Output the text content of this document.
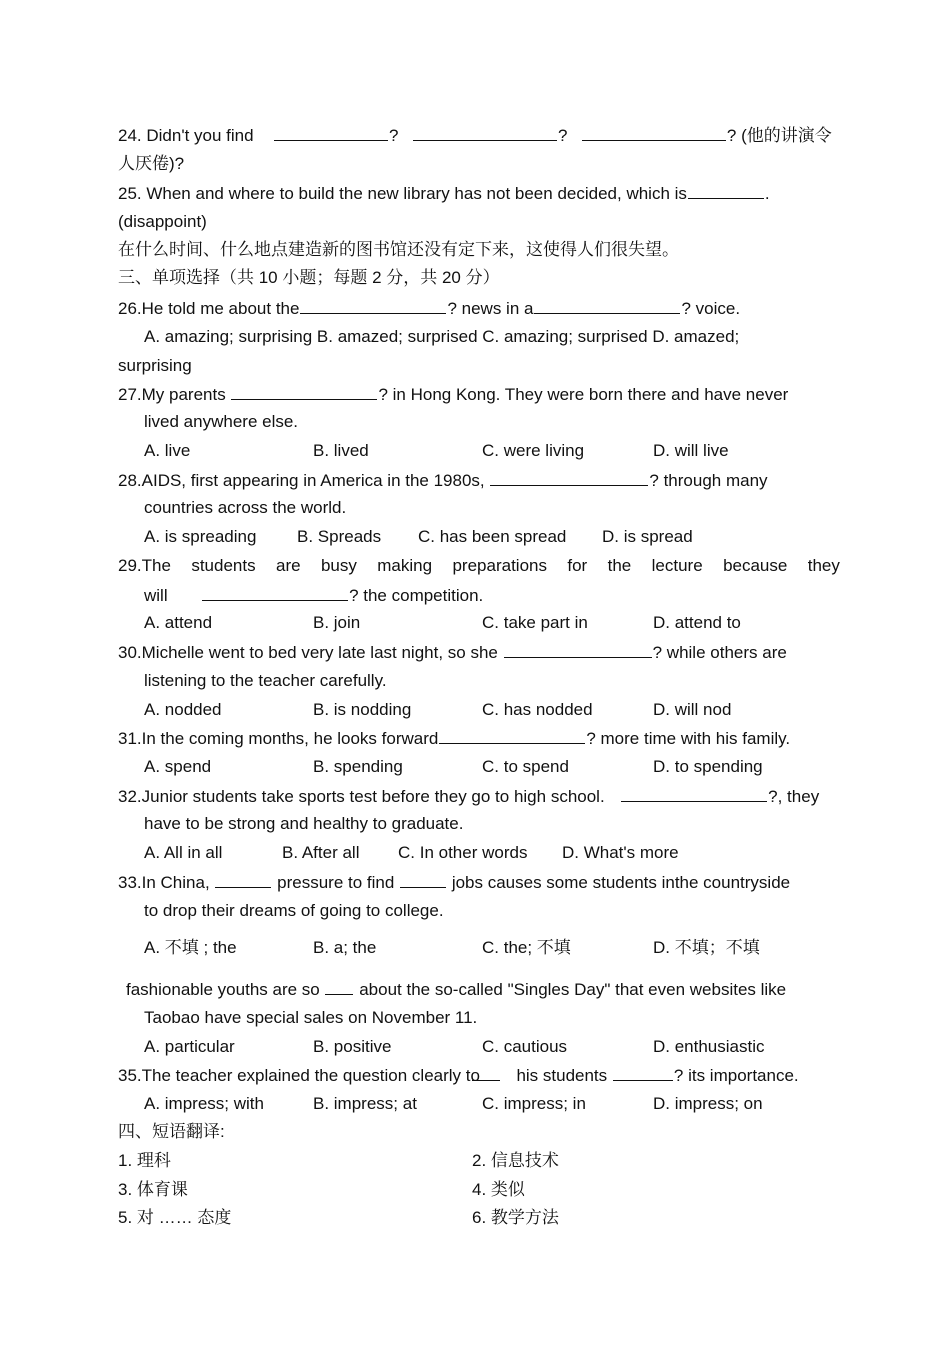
24. Didn't you find	?	?	? (他的讲演令
人厌倦)?
25. When and where to build the new library has not been decided, which is	.
(disappoint)
在什么时间、什么地点建造新的图书馆还没有定下来，这使得人们很失望。
三、单项选择（共 10 小题；每题 2 分，共 20 分）
26.He told me about the	? news in a	? voice.
A. amazing; surprising B. amazed; surprised C. amazing; surprised D. amazed;
surprising
27.My parents	? in Hong Kong. They were born there and have never
lived anywhere else.
A. live	B. lived	C. were living	D. will live
28.AIDS, first appearing in America in the 1980s,	? through many
countries across the world.
A. is spreading B. Spreads C. has been spread D. is spread
29.The students are busy making preparations for the lecture because they
will	? the competition.
A. attend	B. join	C. take part in	D. attend to
30.Michelle went to bed very late last night, so she	? while others are
listening to the teacher carefully.
A. nodded	B. is nodding	C. has nodded	D. will nod
31.In the coming months, he looks forward	? more time with his family.
A. spend	B. spending	C. to spend	D. to spending
32.Junior students take sports test before they go to high school.	?, they
have to be strong and healthy to graduate.
A. All in all	B. After all C. In other words D. What's more
33.In China,	pressure to find	jobs causes some students inthe countryside
to drop their dreams of going to college.
A. 不填 ; the	B. a; the	C. the; 不填	D. 不填；不填
fashionable youths are so about the so-called "Singles Day" that even websites like
Taobao have special sales on November 11.
A. particular	B. positive	C. cautious	D. enthusiastic
35.The teacher explained the question clearly to his students	? its importance.
A. impress; with	B. impress; at	C. impress; in	D. impress; on
四、短语翻译:
1. 理科	2. 信息技术
3. 体育课	4. 类似
5. 对 …… 态度	6. 教学方法
